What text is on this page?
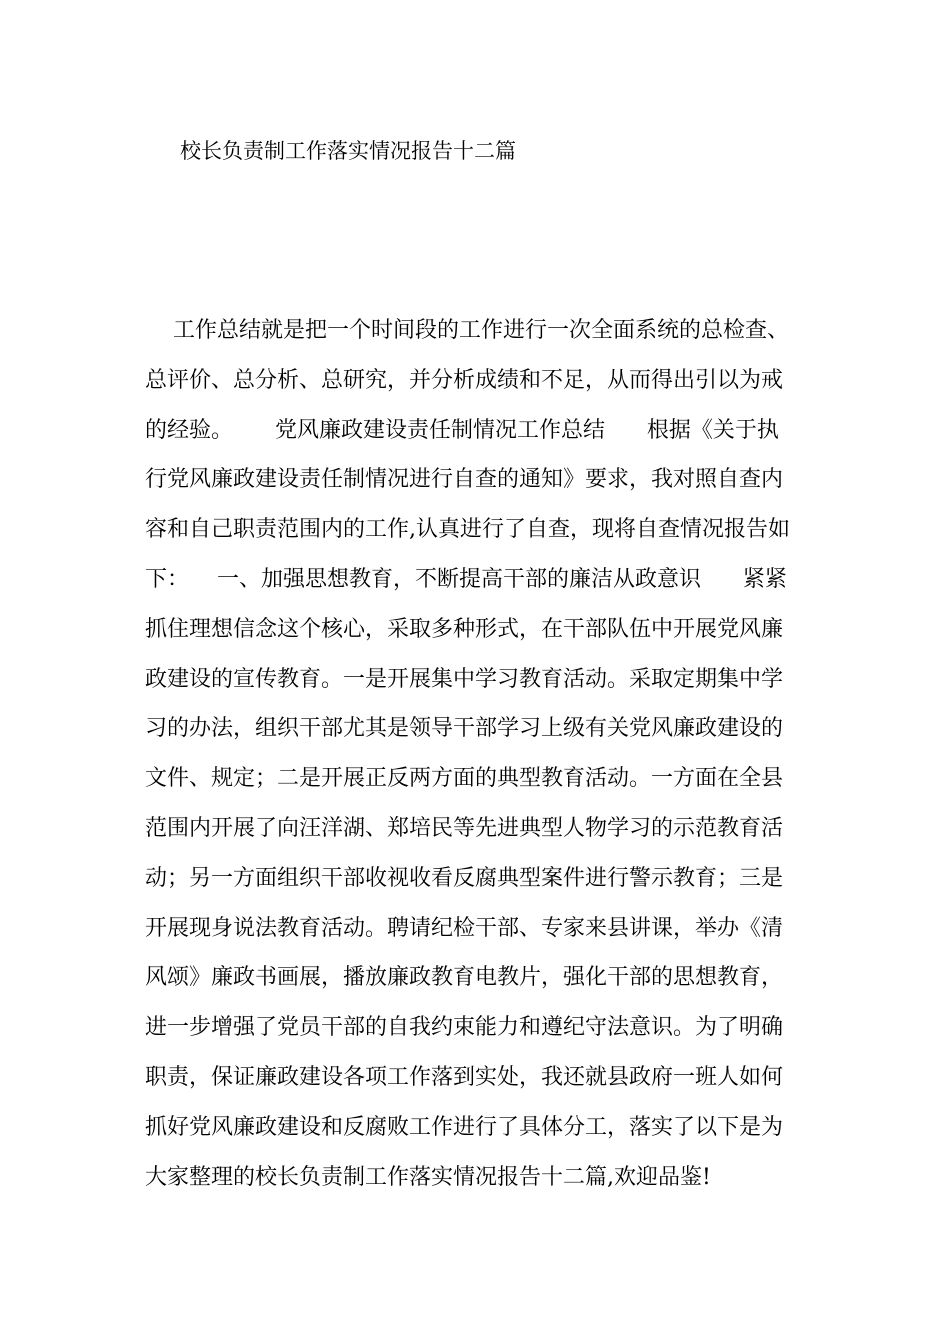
校长负责制工作落实情况报告十二篇
工作总结就是把一个时间段的工作进行一次全面系统的总检查、
总评价、总分析、总研究，并分析成绩和不足，从而得出引以为戒
的经验。      党风廉政建设责任制情况工作总结      根据《关于执
行党风廉政建设责任制情况进行自查的通知》要求，我对照自查内
容和自己职责范围内的工作,认真进行了自查，现将自查情况报告如
下：    一、加强思想教育，不断提高干部的廉洁从政意识      紧紧
抓住理想信念这个核心，采取多种形式，在干部队伍中开展党风廉
政建设的宣传教育。一是开展集中学习教育活动。采取定期集中学
习的办法，组织干部尤其是领导干部学习上级有关党风廉政建设的
文件、规定；二是开展正反两方面的典型教育活动。一方面在全县
范围内开展了向汪洋湖、郑培民等先进典型人物学习的示范教育活
动；另一方面组织干部收视收看反腐典型案件进行警示教育；三是
开展现身说法教育活动。聘请纪检干部、专家来县讲课，举办《清
风颂》廉政书画展，播放廉政教育电教片，强化干部的思想教育，
进一步增强了党员干部的自我约束能力和遵纪守法意识。为了明确
职责，保证廉政建设各项工作落到实处，我还就县政府一班人如何
抓好党风廉政建设和反腐败工作进行了具体分工，落实了以下是为
大家整理的校长负责制工作落实情况报告十二篇,欢迎品鉴!
